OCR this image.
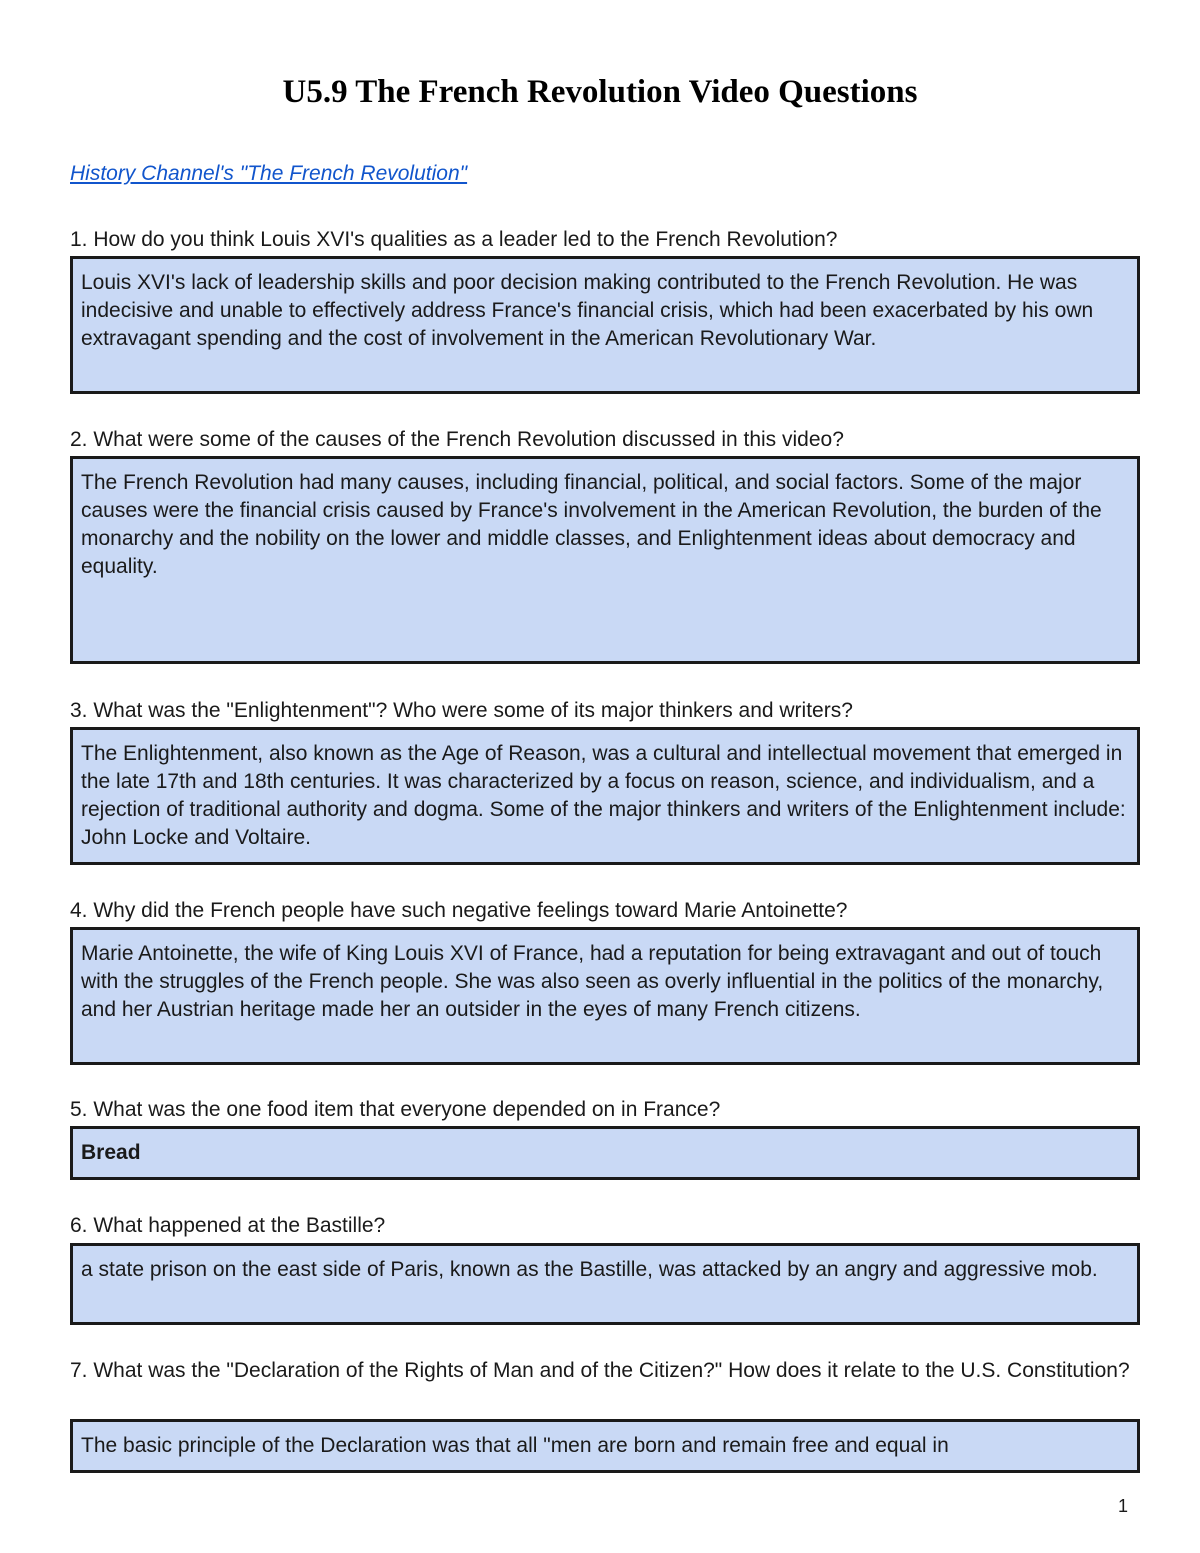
U5.9 The French Revolution Video Questions
History Channel's "The French Revolution"
1. How do you think Louis XVI's qualities as a leader led to the French Revolution?
Louis XVI's lack of leadership skills and poor decision making contributed to the French Revolution. He was indecisive and unable to effectively address France's financial crisis, which had been exacerbated by his own extravagant spending and the cost of involvement in the American Revolutionary War.
2. What were some of the causes of the French Revolution discussed in this video?
The French Revolution had many causes, including financial, political, and social factors. Some of the major causes were the financial crisis caused by France's involvement in the American Revolution, the burden of the monarchy and the nobility on the lower and middle classes, and Enlightenment ideas about democracy and equality.
3. What was the "Enlightenment"? Who were some of its major thinkers and writers?
The Enlightenment, also known as the Age of Reason, was a cultural and intellectual movement that emerged in the late 17th and 18th centuries. It was characterized by a focus on reason, science, and individualism, and a rejection of traditional authority and dogma. Some of the major thinkers and writers of the Enlightenment include: John Locke and Voltaire.
4. Why did the French people have such negative feelings toward Marie Antoinette?
Marie Antoinette, the wife of King Louis XVI of France, had a reputation for being extravagant and out of touch with the struggles of the French people. She was also seen as overly influential in the politics of the monarchy, and her Austrian heritage made her an outsider in the eyes of many French citizens.
5. What was the one food item that everyone depended on in France?
Bread
6. What happened at the Bastille?
a state prison on the east side of Paris, known as the Bastille, was attacked by an angry and aggressive mob.
7. What was the "Declaration of the Rights of Man and of the Citizen?" How does it relate to the U.S. Constitution?
The basic principle of the Declaration was that all "men are born and remain free and equal in
1
